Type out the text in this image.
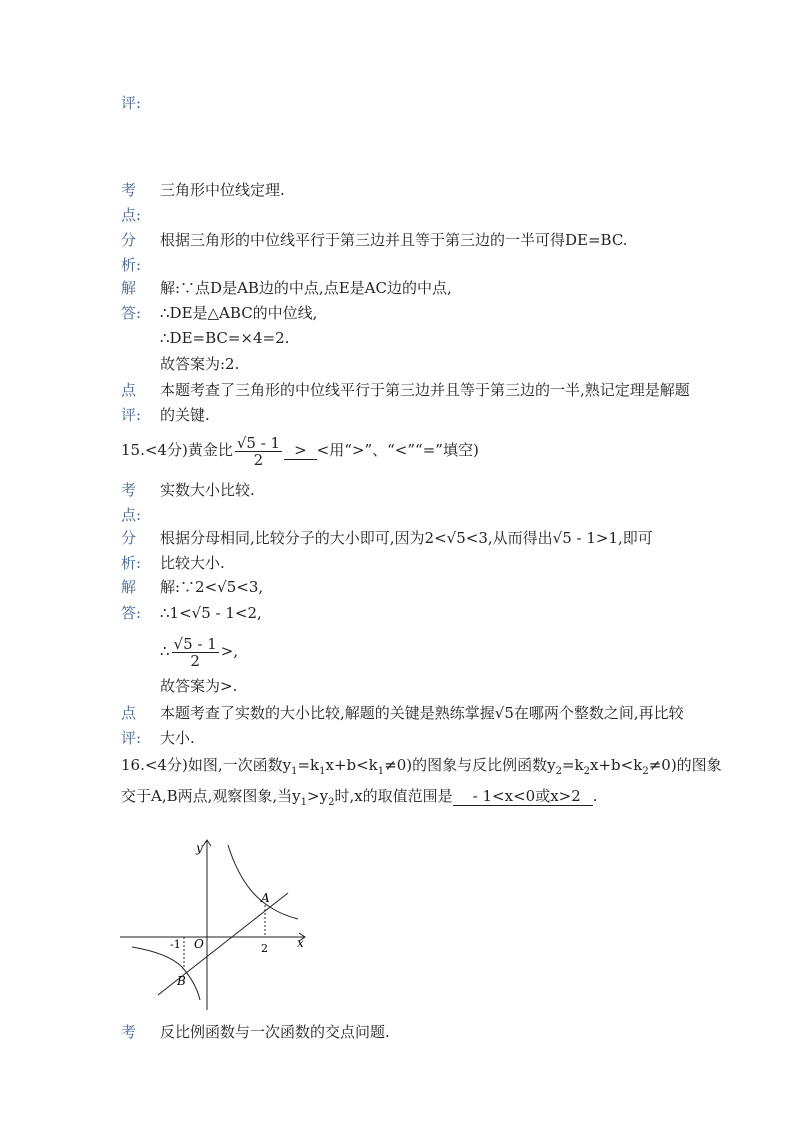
评:
考 三角形中位线定理.
点:
分 根据三角形的中位线平行于第三边并且等于第三边的一半可得DE=BC.
析:
解
答:
解:∵点D是AB边的中点,点E是AC边的中点,
∴DE是△ABC的中位线,
∴DE=BC=×4=2.
故答案为:2.
点
评:
本题考查了三角形的中位线平行于第三边并且等于第三边的一半,熟记定理是解题
的关键.
15.<4分)黄金比 $\frac{√5 - 1}{2}$ > <用“>”、“<”“=”填空)
考 实数大小比较.
点:
分 根据分母相同,比较分子的大小即可,因为2<√5<3,从而得出√5 - 1>1,即可
析: 比较大小.
解
答:
解:∵2<√5<3,
∴1<√5 - 1<2,
∴ $\frac{√5 - 1}{2}$ >,
故答案为>.
点
评:
本题考查了实数的大小比较,解题的关键是熟练掌握√5在哪两个整数之间,再比较
大小.
16.<4分)如图,一次函数$y_1=k_1x+b<k_1\ne 0$)的图象与反比例函数$y_2=k_2x+b<k_2\ne 0$)的图象
交于A,B两点,观察图象,当$y_1>y_2$时,x的取值范围是 - 1<x<0或x>2 .
y
x
O
-1	2
A
B
考 反比例函数与一次函数的交点问题.
